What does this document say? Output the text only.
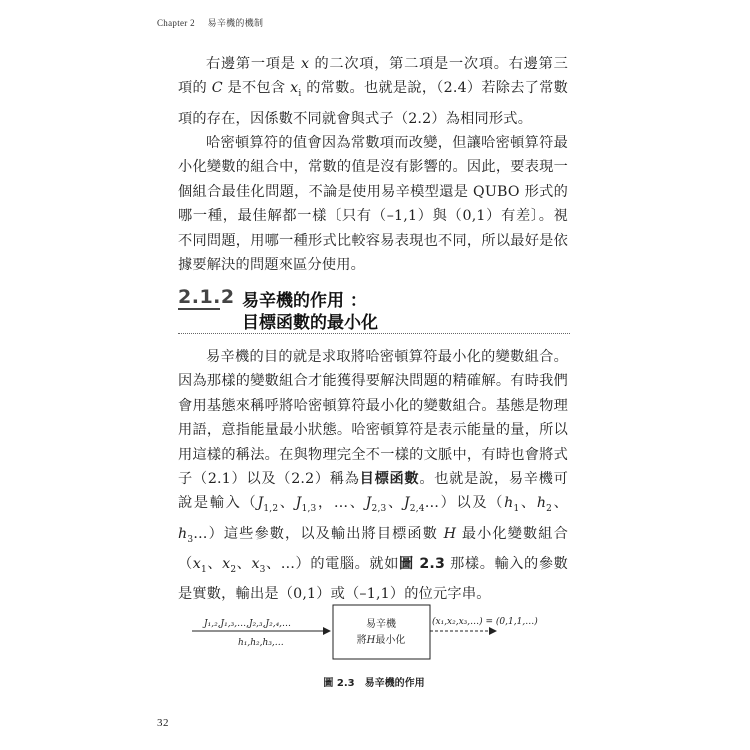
Chapter 2 易辛機的機制

右邊第一項是 x 的二次項，第二項是一次項。右邊第三項的 C 是不包含 $x_i$ 的常數。也就是說，（2.4）若除去了常數項的存在，因係數不同就會與式子（2.2）為相同形式。

哈密頓算符的值會因為常數項而改變，但讓哈密頓算符最小化變數的組合中，常數的值是沒有影響的。因此，要表現一個組合最佳化問題，不論是使用易辛模型還是 QUBO 形式的哪一種，最佳解都一樣〔只有（–1,1）與（0,1）有差〕。視不同問題，用哪一種形式比較容易表現也不同，所以最好是依據要解決的問題來區分使用。

2.1.2 易辛機的作用 ：
目標函數的最小化

易辛機的目的就是求取將哈密頓算符最小化的變數組合。因為那樣的變數組合才能獲得要解決問題的精確解。有時我們會用基態來稱呼將哈密頓算符最小化的變數組合。基態是物理用語，意指能量最小狀態。哈密頓算符是表示能量的量，所以用這樣的稱法。在與物理完全不一樣的文脈中，有時也會將式子（2.1）以及（2.2）稱為目標函數。也就是說，易辛機可說是輸入（$J_{1,2}$、$J_{1,3}$，…、$J_{2,3}$、$J_{2,4}\dots$）以及（$h_1$、$h_2$、$h_3\dots$）這些參數，以及輸出將目標函數 H 最小化變數組合（$x_1$、$x_2$、$x_3$、…）的電腦。就如圖 2.3 那樣。輸入的參數是實數，輸出是（0,1）或（–1,1）的位元字串。

J₁,₂,J₁,₃,…,J₂,₃,J₂,₄,…
h₁,h₂,h₃,…
易辛機
將H最小化
(x₁,x₂,x₃,…) = (0,1,1,…)
圖 2.3　易辛機的作用
32
